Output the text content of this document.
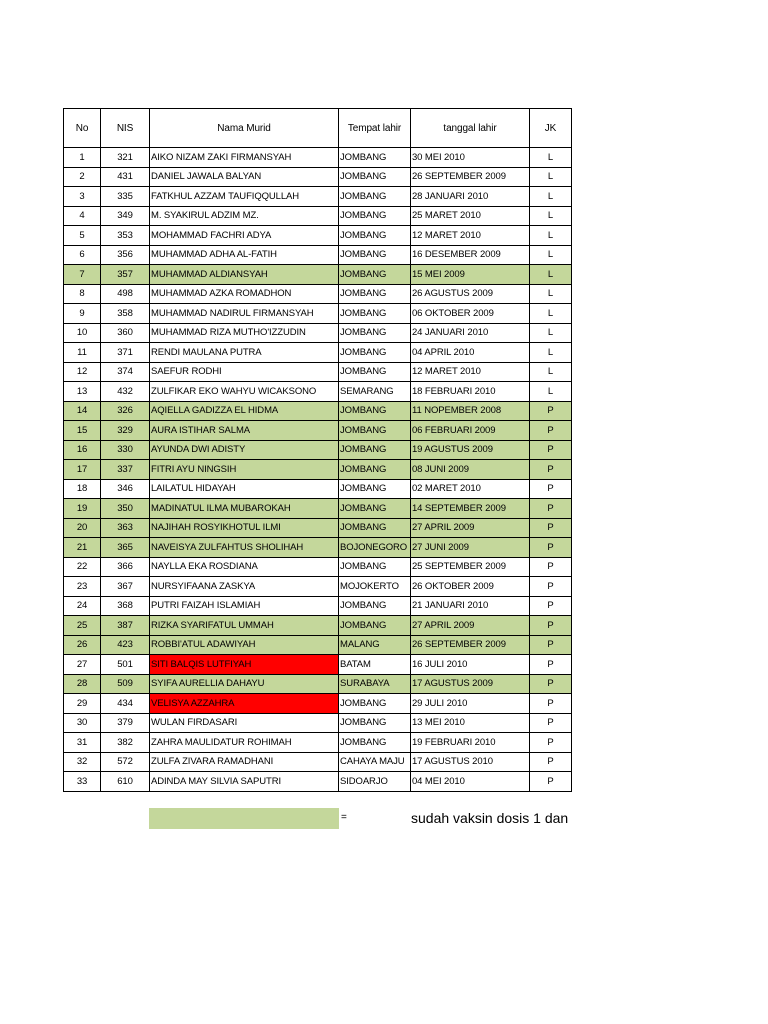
No	NIS	Nama Murid	Tempat lahir	tanggal lahir	JK
1	321	AIKO NIZAM ZAKI FIRMANSYAH	JOMBANG	30 MEI 2010	L
2	431	DANIEL JAWALA BALYAN	JOMBANG	26 SEPTEMBER 2009	L
3	335	FATKHUL AZZAM TAUFIQQULLAH	JOMBANG	28 JANUARI 2010	L
4	349	M. SYAKIRUL ADZIM MZ.	JOMBANG	25 MARET 2010	L
5	353	MOHAMMAD FACHRI ADYA	JOMBANG	12 MARET 2010	L
6	356	MUHAMMAD ADHA AL-FATIH	JOMBANG	16 DESEMBER 2009	L
7	357	MUHAMMAD ALDIANSYAH	JOMBANG	15 MEI 2009	L
8	498	MUHAMMAD AZKA ROMADHON	JOMBANG	26 AGUSTUS 2009	L
9	358	MUHAMMAD NADIRUL FIRMANSYAH	JOMBANG	06 OKTOBER 2009	L
10	360	MUHAMMAD RIZA MUTHO'IZZUDIN	JOMBANG	24 JANUARI 2010	L
11	371	RENDI MAULANA PUTRA	JOMBANG	04 APRIL 2010	L
12	374	SAEFUR RODHI	JOMBANG	12 MARET 2010	L
13	432	ZULFIKAR EKO WAHYU WICAKSONO	SEMARANG	18 FEBRUARI 2010	L
14	326	AQIELLA GADIZZA EL HIDMA	JOMBANG	11 NOPEMBER 2008	P
15	329	AURA ISTIHAR SALMA	JOMBANG	06 FEBRUARI 2009	P
16	330	AYUNDA DWI ADISTY	JOMBANG	19 AGUSTUS 2009	P
17	337	FITRI AYU NINGSIH	JOMBANG	08 JUNI 2009	P
18	346	LAILATUL HIDAYAH	JOMBANG	02 MARET 2010	P
19	350	MADINATUL ILMA MUBAROKAH	JOMBANG	14 SEPTEMBER 2009	P
20	363	NAJIHAH ROSYIKHOTUL ILMI	JOMBANG	27 APRIL 2009	P
21	365	NAVEISYA ZULFAHTUS SHOLIHAH	BOJONEGORO	27 JUNI 2009	P
22	366	NAYLLA EKA ROSDIANA	JOMBANG	25 SEPTEMBER 2009	P
23	367	NURSYIFAANA ZASKYA	MOJOKERTO	26 OKTOBER 2009	P
24	368	PUTRI FAIZAH ISLAMIAH	JOMBANG	21 JANUARI 2010	P
25	387	RIZKA SYARIFATUL UMMAH	JOMBANG	27 APRIL 2009	P
26	423	ROBBI'ATUL ADAWIYAH	MALANG	26 SEPTEMBER 2009	P
27	501	SITI BALQIS LUTFIYAH	BATAM	16 JULI 2010	P
28	509	SYIFA AURELLIA DAHAYU	SURABAYA	17 AGUSTUS 2009	P
29	434	VELISYA AZZAHRA	JOMBANG	29 JULI 2010	P
30	379	WULAN FIRDASARI	JOMBANG	13 MEI 2010	P
31	382	ZAHRA MAULIDATUR ROHIMAH	JOMBANG	19 FEBRUARI 2010	P
32	572	ZULFA ZIVARA RAMADHANI	CAHAYA MAJU	17 AGUSTUS 2010	P
33	610	ADINDA MAY SILVIA SAPUTRI	SIDOARJO	04 MEI 2010	P
=	sudah vaksin dosis 1 dan
